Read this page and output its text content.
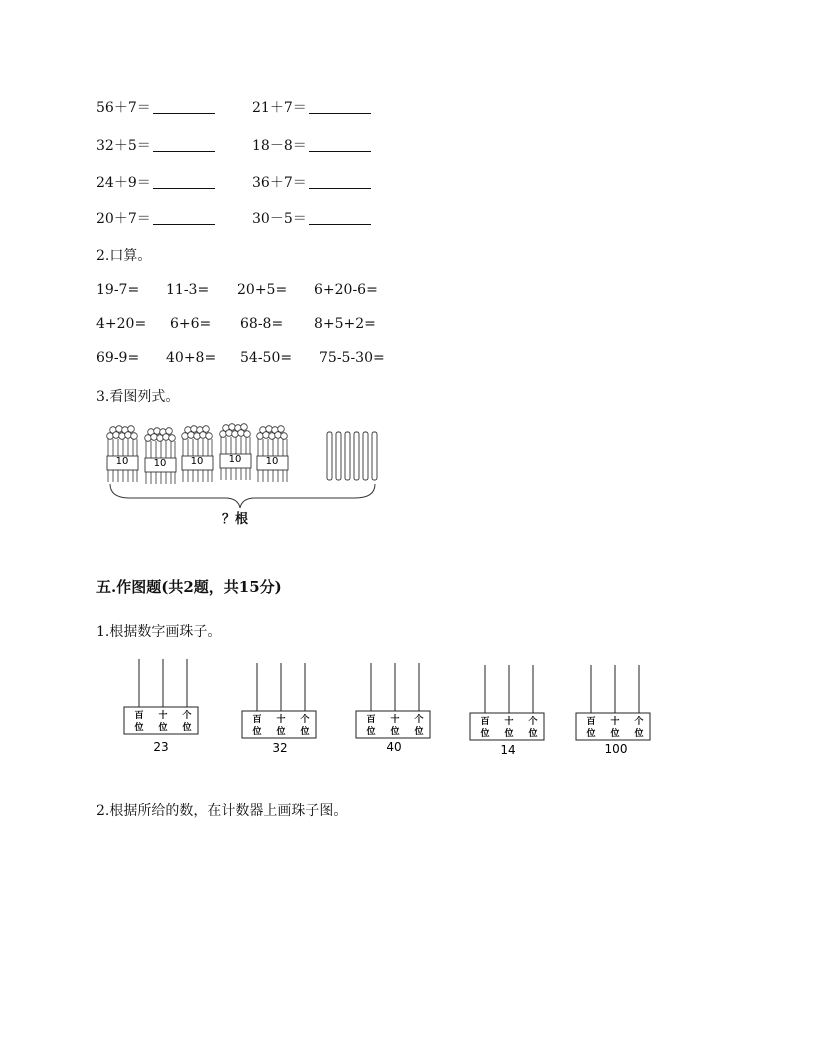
56＋7＝	21＋7＝
32＋5＝	18－8＝
24＋9＝	36＋7＝
20＋7＝	30－5＝
2.口算。
19-7= 11-3= 20+5= 6+20-6=
4+20= 6+6= 68-8= 8+5+2=
69-9= 40+8= 54-50= 75-5-30=
3.看图列式。
10	10 10	10 10
？根
五.作图题(共2题，共15分)
1.根据数字画珠子。
百
位
十
位
个
位
23
百
位
十
位
个
位
32
百
位
十
位
个
位
40
百
位
十
位
个
位
14
百
位
十
位
个
位
100
2.根据所给的数，在计数器上画珠子图。
